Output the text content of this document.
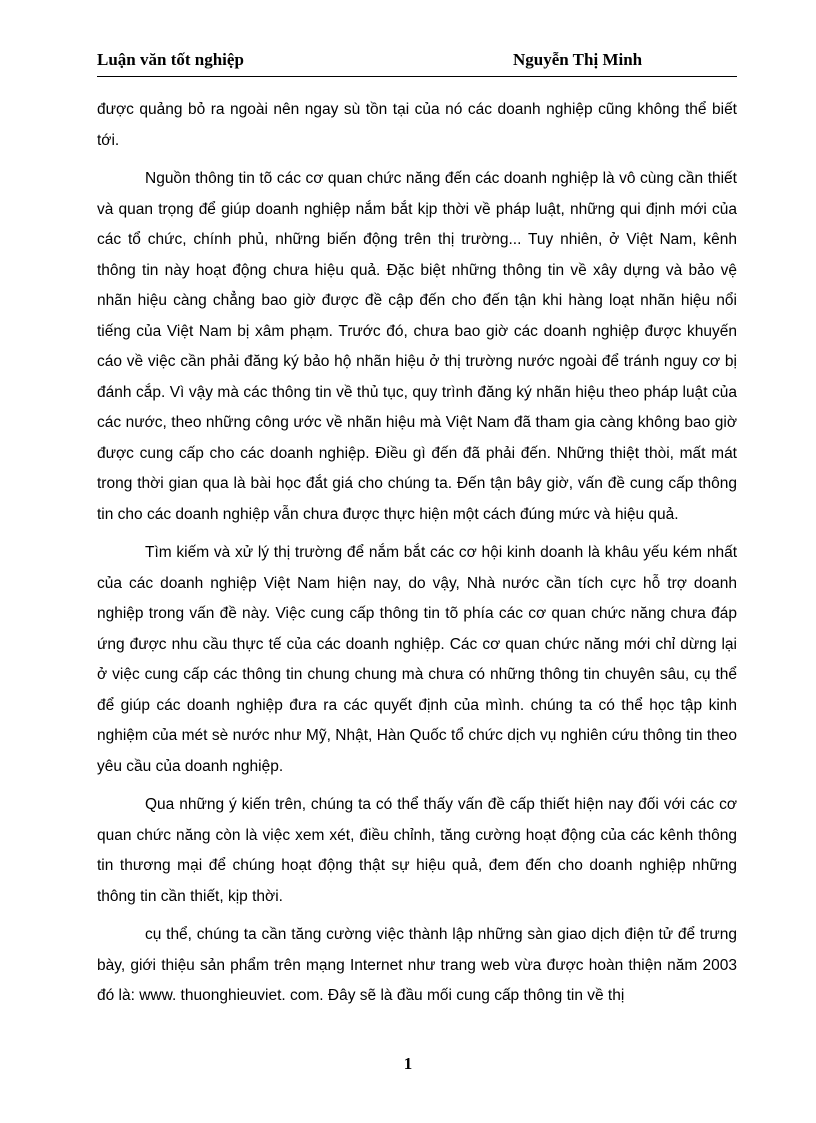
Luận văn tốt nghiệp	Nguyễn Thị Minh

được quảng bỏ ra ngoài nên ngay sù tồn tại của nó các doanh nghiệp cũng không thể biết tới.

Nguồn thông tin tõ các cơ quan chức năng đến các doanh nghiệp là vô cùng cần thiết và quan trọng để giúp doanh nghiệp nắm bắt kịp thời về pháp luật, những qui định mới của các tổ chức, chính phủ, những biến động trên thị trường... Tuy nhiên, ở Việt Nam, kênh thông tin này hoạt động chưa hiệu quả. Đặc biệt những thông tin về xây dựng và bảo vệ nhãn hiệu càng chẳng bao giờ được đề cập đến cho đến tận khi hàng loạt nhãn hiệu nổi tiếng của Việt Nam bị xâm phạm. Trước đó, chưa bao giờ các doanh nghiệp được khuyến cáo về việc cần phải đăng ký bảo hộ nhãn hiệu ở thị trường nước ngoài để tránh nguy cơ bị đánh cắp. Vì vậy mà các thông tin về thủ tục, quy trình đăng ký nhãn hiệu theo pháp luật của các nước, theo những công ước về nhãn hiệu mà Việt Nam đã tham gia càng không bao giờ được cung cấp cho các doanh nghiệp. Điều gì đến đã phải đến. Những thiệt thòi, mất mát trong thời gian qua là bài học đắt giá cho chúng ta. Đến tận bây giờ, vấn đề cung cấp thông tin cho các doanh nghiệp vẫn chưa được thực hiện một cách đúng mức và hiệu quả.

Tìm kiếm và xử lý thị trường để nắm bắt các cơ hội kinh doanh là khâu yếu kém nhất của các doanh nghiệp Việt Nam hiện nay, do vậy, Nhà nước cần tích cực hỗ trợ doanh nghiệp trong vấn đề này. Việc cung cấp thông tin tõ phía các cơ quan chức năng chưa đáp ứng được nhu cầu thực tế của các doanh nghiệp. Các cơ quan chức năng mới chỉ dừng lại ở việc cung cấp các thông tin chung chung mà chưa có những thông tin chuyên sâu, cụ thể để giúp các doanh nghiệp đưa ra các quyết định của mình. chúng ta có thể học tập kinh nghiệm của mét sè nước như Mỹ, Nhật, Hàn Quốc tổ chức dịch vụ nghiên cứu thông tin theo yêu cầu của doanh nghiệp.

Qua những ý kiến trên, chúng ta có thể thấy vấn đề cấp thiết hiện nay đối với các cơ quan chức năng còn là việc xem xét, điều chỉnh, tăng cường hoạt động của các kênh thông tin thương mại để chúng hoạt động thật sự hiệu quả, đem đến cho doanh nghiệp những thông tin cần thiết, kịp thời.

cụ thể, chúng ta cần tăng cường việc thành lập những sàn giao dịch điện tử để trưng bày, giới thiệu sản phẩm trên mạng Internet như trang web vừa được hoàn thiện năm 2003 đó là: www. thuonghieuviet. com. Đây sẽ là đầu mối cung cấp thông tin về thị

1
